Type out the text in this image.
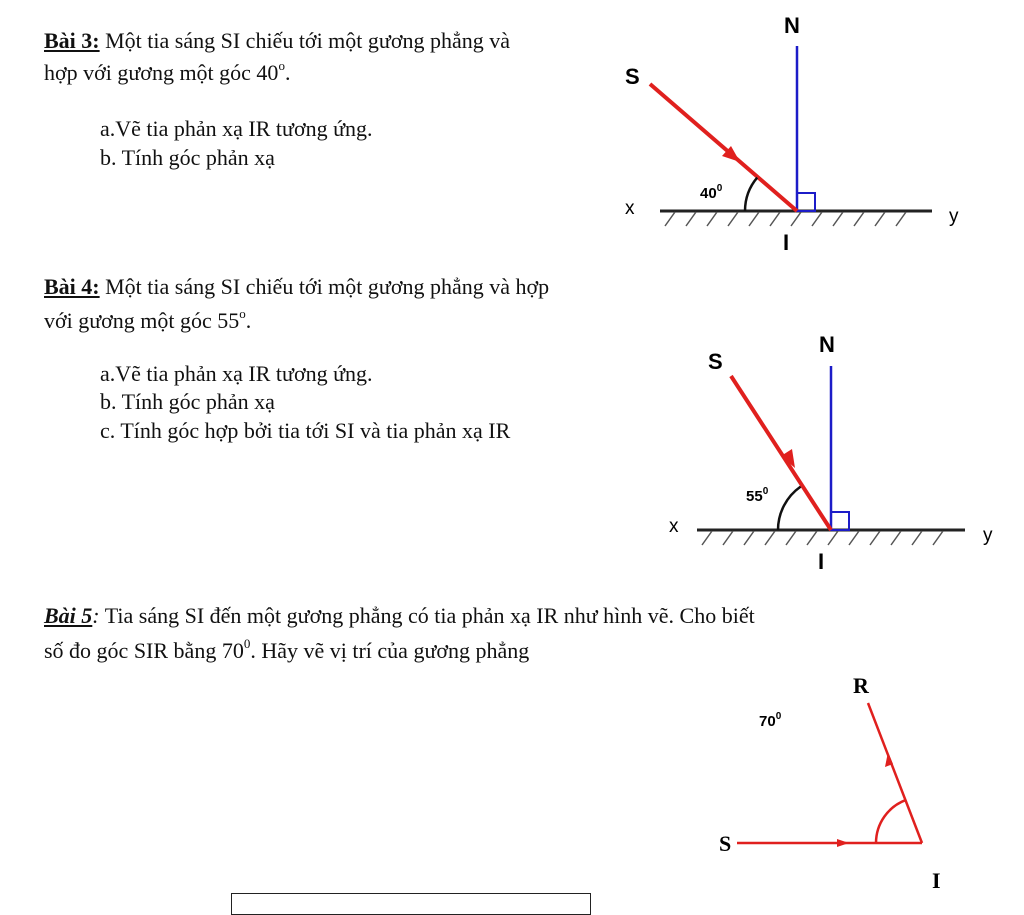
Bài 3: Một tia sáng SI chiếu tới một gương phẳng và
hợp với gương một góc 40$^o$.
a.Vẽ tia phản xạ IR tương ứng.
b. Tính góc phản xạ
N
S
x	y
I
$40^0$
Bài 4: Một tia sáng SI chiếu tới một gương phẳng và hợp
với gương một góc 55$^o$.
a.Vẽ tia phản xạ IR tương ứng.
b. Tính góc phản xạ
c. Tính góc hợp bởi tia tới SI và tia phản xạ IR
N
S
x	y
I
$55^0$
Bài 5: Tia sáng SI đến một gương phẳng có tia phản xạ IR như hình vẽ. Cho biết
số đo góc SIR bằng $70^0$. Hãy vẽ vị trí của gương phẳng
R
S
I
$70^0$
